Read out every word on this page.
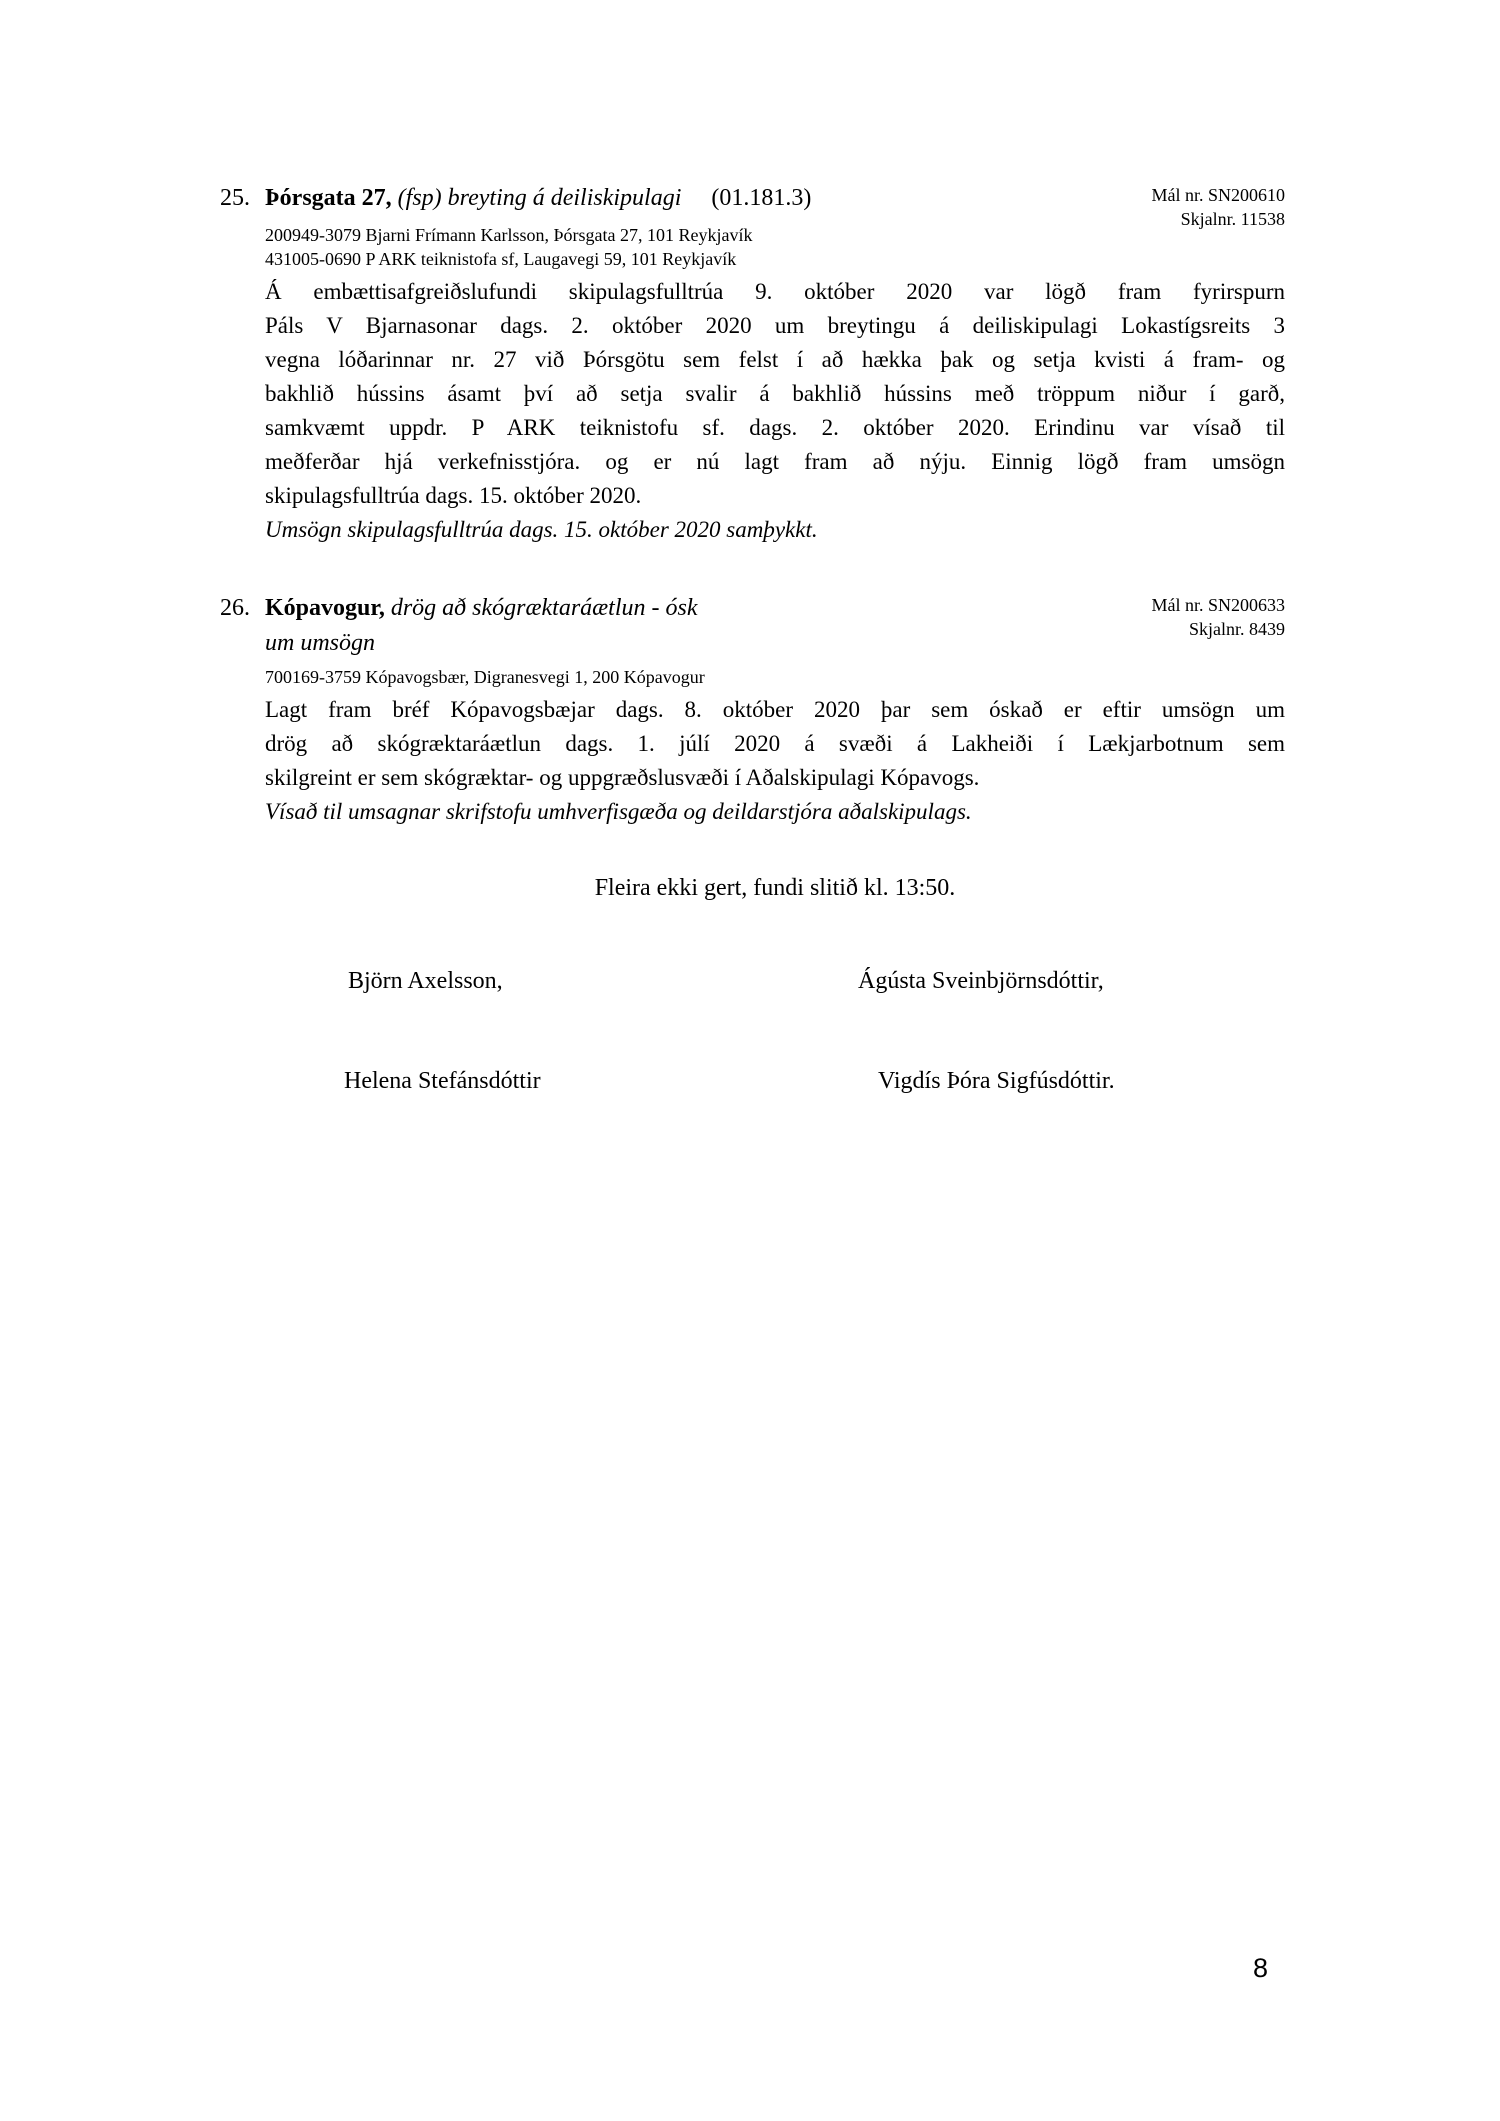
25. Þórsgata 27, (fsp) breyting á deiliskipulagi (01.181.3)	Mál nr. SN200610
Skjalnr. 11538
200949-3079 Bjarni Frímann Karlsson, Þórsgata 27, 101 Reykjavík
431005-0690 P ARK teiknistofa sf, Laugavegi 59, 101 Reykjavík
Á embættisafgreiðslufundi skipulagsfulltrúa 9. október 2020 var lögð fram fyrirspurn
Páls V Bjarnasonar dags. 2. október 2020 um breytingu á deiliskipulagi Lokastígsreits 3
vegna lóðarinnar nr. 27 við Þórsgötu sem felst í að hækka þak og setja kvisti á fram- og
bakhlið hússins ásamt því að setja svalir á bakhlið hússins með tröppum niður í garð,
samkvæmt uppdr. P ARK teiknistofu sf. dags. 2. október 2020. Erindinu var vísað til
meðferðar hjá verkefnisstjóra. og er nú lagt fram að nýju. Einnig lögð fram umsögn
skipulagsfulltrúa dags. 15. október 2020.
Umsögn skipulagsfulltrúa dags. 15. október 2020 samþykkt.
26. Kópavogur, drög að skógræktaráætlun - ósk
um umsögn
Mál nr. SN200633
Skjalnr. 8439
700169-3759 Kópavogsbær, Digranesvegi 1, 200 Kópavogur
Lagt fram bréf Kópavogsbæjar dags. 8. október 2020 þar sem óskað er eftir umsögn um
drög að skógræktaráætlun dags. 1. júlí 2020 á svæði á Lakheiði í Lækjarbotnum sem
skilgreint er sem skógræktar- og uppgræðslusvæði í Aðalskipulagi Kópavogs.
Vísað til umsagnar skrifstofu umhverfisgæða og deildarstjóra aðalskipulags.
Fleira ekki gert, fundi slitið kl. 13:50.
Björn Axelsson,	Ágústa Sveinbjörnsdóttir,
Helena Stefánsdóttir	Vigdís Þóra Sigfúsdóttir.
8
